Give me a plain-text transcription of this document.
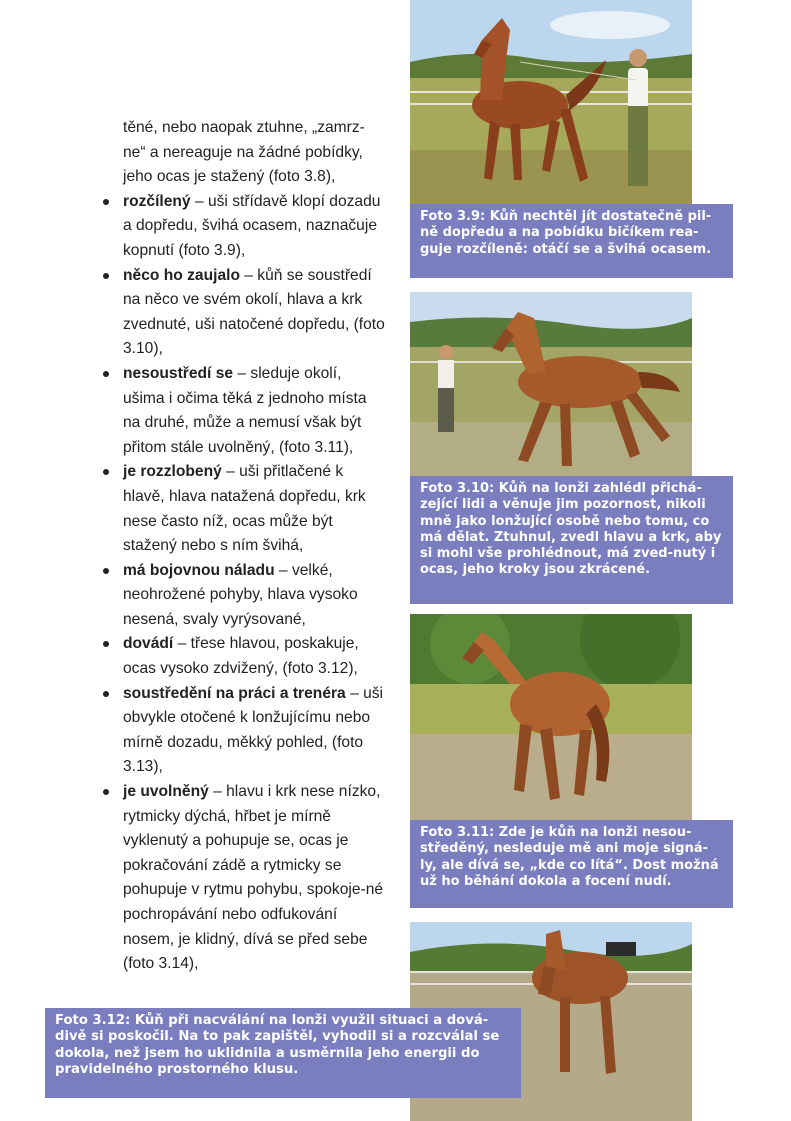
těné, nebo naopak ztuhne, „zamrz-ne“ a nereaguje na žádné pobídky, jeho ocas je stažený (foto 3.8),

rozčílený – uši střídavě klopí dozadu a dopředu, švihá ocasem, naznačuje kopnutí (foto 3.9),
něco ho zaujalo – kůň se soustředí na něco ve svém okolí, hlava a krk zvednuté, uši natočené dopředu, (foto 3.10),
nesoustředí se – sleduje okolí, ušima i očima těká z jednoho místa na druhé, může a nemusí však být přitom stále uvolněný, (foto 3.11),
je rozzlobený – uši přitlačené k hlavě, hlava natažená dopředu, krk nese často níž, ocas může být stažený nebo s ním švihá,
má bojovnou náladu – velké, neohrožené pohyby, hlava vysoko nesená, svaly vyrýsované,
dovádí – třese hlavou, poskakuje, ocas vysoko zdvižený, (foto 3.12),
soustředění na práci a trenéra – uši obvykle otočené k lonžujícímu nebo mírně dozadu, měkký pohled, (foto 3.13),
je uvolněný – hlavu i krk nese nízko, rytmicky dýchá, hřbet je mírně vyklenutý a pohupuje se, ocas je pokračování zádě a rytmicky se pohupuje v rytmu pohybu, spokoje-né pochropávání nebo odfukování nosem, je klidný, dívá se před sebe (foto 3.14),
Foto 3.9: Kůň nechtěl jít dostatečně pil-ně dopředu a na pobídku bičíkem rea-guje rozčíleně: otáčí se a švihá ocasem.
Foto 3.10: Kůň na lonži zahlédl přichá-zející lidi a věnuje jim pozornost, nikoli mně jako lonžující osobě nebo tomu, co má dělat. Ztuhnul, zvedl hlavu a krk, aby si mohl vše prohlédnout, má zved-nutý i ocas, jeho kroky jsou zkrácené.
Foto 3.11: Zde je kůň na lonži nesou-středěný, nesleduje mě ani moje signá-ly, ale dívá se, „kde co lítá“. Dost možná už ho běhání dokola a focení nudí.
Foto 3.12: Kůň při nacválání na lonži využil situaci a dová-divě si poskočil. Na to pak zapištěl, vyhodil si a rozcválal se dokola, než jsem ho uklidnila a usměrnila jeho energii do pravidelného prostorného klusu.
